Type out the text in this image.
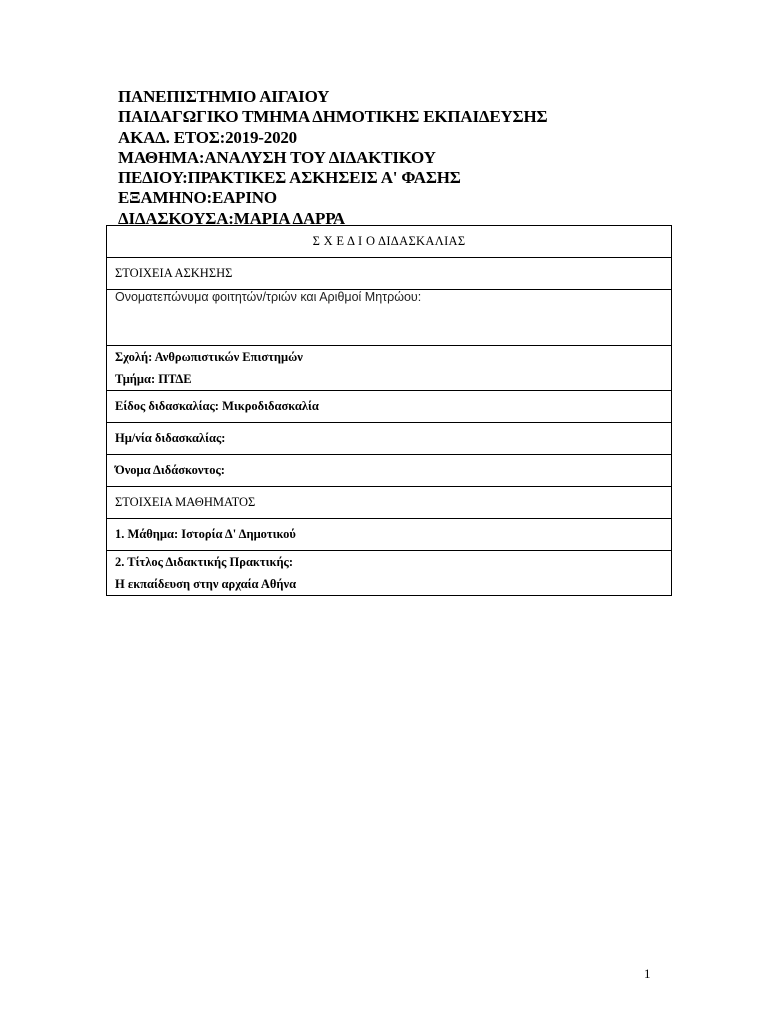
ΠΑΝΕΠΙΣΤΗΜΙΟ ΑΙΓΑΙΟΥ
ΠΑΙΔΑΓΩΓΙΚΟ ΤΜΗΜΑ ΔΗΜΟΤΙΚΗΣ ΕΚΠΑΙΔΕΥΣΗΣ
ΑΚΑΔ. ΕΤΟΣ:2019-2020
ΜΑΘΗΜΑ:ΑΝΑΛΥΣΗ ΤΟΥ ΔΙΔΑΚΤΙΚΟΥ
ΠΕΔΙΟΥ:ΠΡΑΚΤΙΚΕΣ ΑΣΚΗΣΕΙΣ Α' ΦΑΣΗΣ
ΕΞΑΜΗΝΟ:ΕΑΡΙΝΟ
ΔΙΔΑΣΚΟΥΣΑ:ΜΑΡΙΑ ΔΑΡΡΑ
Σ Χ Ε Δ Ι Ο ΔΙΔΑΣΚΑΛΙΑΣ
ΣΤΟΙΧΕΙΑ ΑΣΚΗΣΗΣ
Ονοματεπώνυμα φοιτητών/τριών και Αριθμοί Μητρώου:

Σχολή: Ανθρωπιστικών Επιστημών
Τμήμα: ΠΤΔΕ

Είδος διδασκαλίας: Μικροδιδασκαλία
Ημ/νία διδασκαλίας:
Όνομα Διδάσκοντος:
ΣΤΟΙΧΕΙΑ ΜΑΘΗΜΑΤΟΣ
1. Μάθημα: Ιστορία Δ' Δημοτικού

2. Τίτλος Διδακτικής Πρακτικής:
Η εκπαίδευση στην αρχαία Αθήνα
1
